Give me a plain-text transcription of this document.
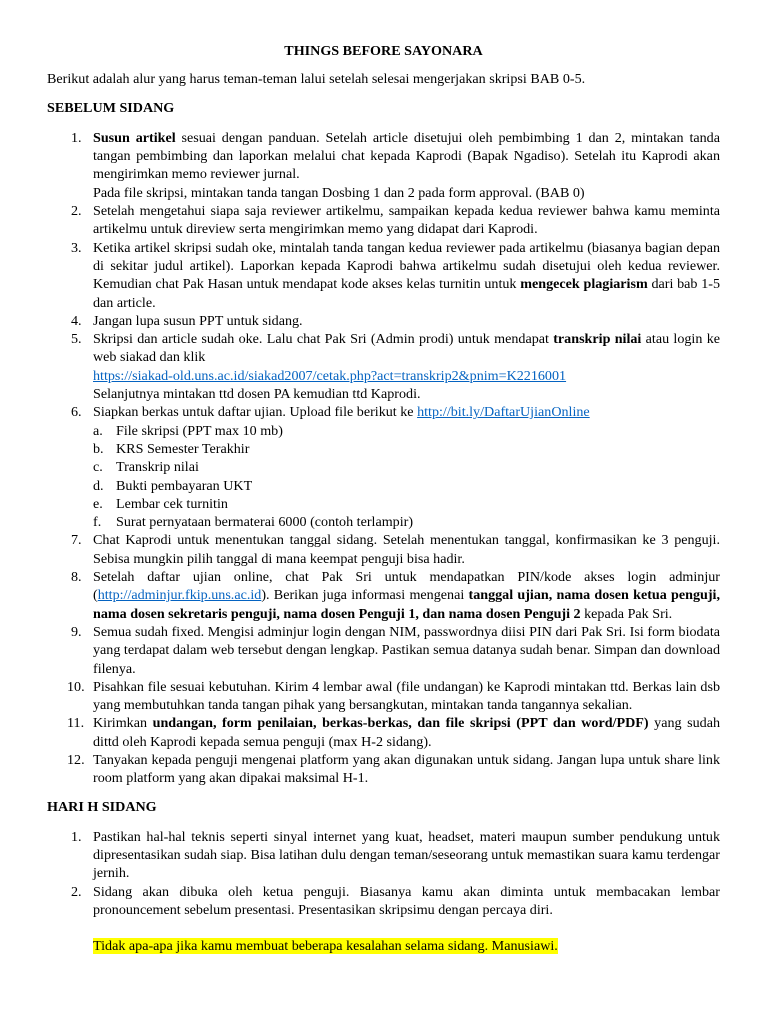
THINGS BEFORE SAYONARA
Berikut adalah alur yang harus teman-teman lalui setelah selesai mengerjakan skripsi BAB 0-5.
SEBELUM SIDANG
1. Susun artikel sesuai dengan panduan. Setelah article disetujui oleh pembimbing 1 dan 2, mintakan tanda tangan pembimbing dan laporkan melalui chat kepada Kaprodi (Bapak Ngadiso). Setelah itu Kaprodi akan mengirimkan memo reviewer jurnal.
Pada file skripsi, mintakan tanda tangan Dosbing 1 dan 2 pada form approval. (BAB 0)
2. Setelah mengetahui siapa saja reviewer artikelmu, sampaikan kepada kedua reviewer bahwa kamu meminta artikelmu untuk direview serta mengirimkan memo yang didapat dari Kaprodi.
3. Ketika artikel skripsi sudah oke, mintalah tanda tangan kedua reviewer pada artikelmu (biasanya bagian depan di sekitar judul artikel). Laporkan kepada Kaprodi bahwa artikelmu sudah disetujui oleh kedua reviewer. Kemudian chat Pak Hasan untuk mendapat kode akses kelas turnitin untuk mengecek plagiarism dari bab 1-5 dan article.
4. Jangan lupa susun PPT untuk sidang.
5. Skripsi dan article sudah oke. Lalu chat Pak Sri (Admin prodi) untuk mendapat transkrip nilai atau login ke web siakad dan klik
https://siakad-old.uns.ac.id/siakad2007/cetak.php?act=transkrip2&pnim=K2216001
Selanjutnya mintakan ttd dosen PA kemudian ttd Kaprodi.
6. Siapkan berkas untuk daftar ujian. Upload file berikut ke http://bit.ly/DaftarUjianOnline
a. File skripsi (PPT max 10 mb)
b. KRS Semester Terakhir
c. Transkrip nilai
d. Bukti pembayaran UKT
e. Lembar cek turnitin
f. Surat pernyataan bermaterai 6000 (contoh terlampir)
7. Chat Kaprodi untuk menentukan tanggal sidang. Setelah menentukan tanggal, konfirmasikan ke 3 penguji. Sebisa mungkin pilih tanggal di mana keempat penguji bisa hadir.
8. Setelah daftar ujian online, chat Pak Sri untuk mendapatkan PIN/kode akses login adminjur (http://adminjur.fkip.uns.ac.id). Berikan juga informasi mengenai tanggal ujian, nama dosen ketua penguji, nama dosen sekretaris penguji, nama dosen Penguji 1, dan nama dosen Penguji 2 kepada Pak Sri.
9. Semua sudah fixed. Mengisi adminjur login dengan NIM, passwordnya diisi PIN dari Pak Sri. Isi form biodata yang terdapat dalam web tersebut dengan lengkap. Pastikan semua datanya sudah benar. Simpan dan download filenya.
10. Pisahkan file sesuai kebutuhan. Kirim 4 lembar awal (file undangan) ke Kaprodi mintakan ttd. Berkas lain dsb yang membutuhkan tanda tangan pihak yang bersangkutan, mintakan tanda tangannya sekalian.
11. Kirimkan undangan, form penilaian, berkas-berkas, dan file skripsi (PPT dan word/PDF) yang sudah dittd oleh Kaprodi kepada semua penguji (max H-2 sidang).
12. Tanyakan kepada penguji mengenai platform yang akan digunakan untuk sidang. Jangan lupa untuk share link room platform yang akan dipakai maksimal H-1.
HARI H SIDANG
1. Pastikan hal-hal teknis seperti sinyal internet yang kuat, headset, materi maupun sumber pendukung untuk dipresentasikan sudah siap. Bisa latihan dulu dengan teman/seseorang untuk memastikan suara kamu terdengar jernih.
2. Sidang akan dibuka oleh ketua penguji. Biasanya kamu akan diminta untuk membacakan lembar pronouncement sebelum presentasi. Presentasikan skripsimu dengan percaya diri.
Tidak apa-apa jika kamu membuat beberapa kesalahan selama sidang. Manusiawi.
